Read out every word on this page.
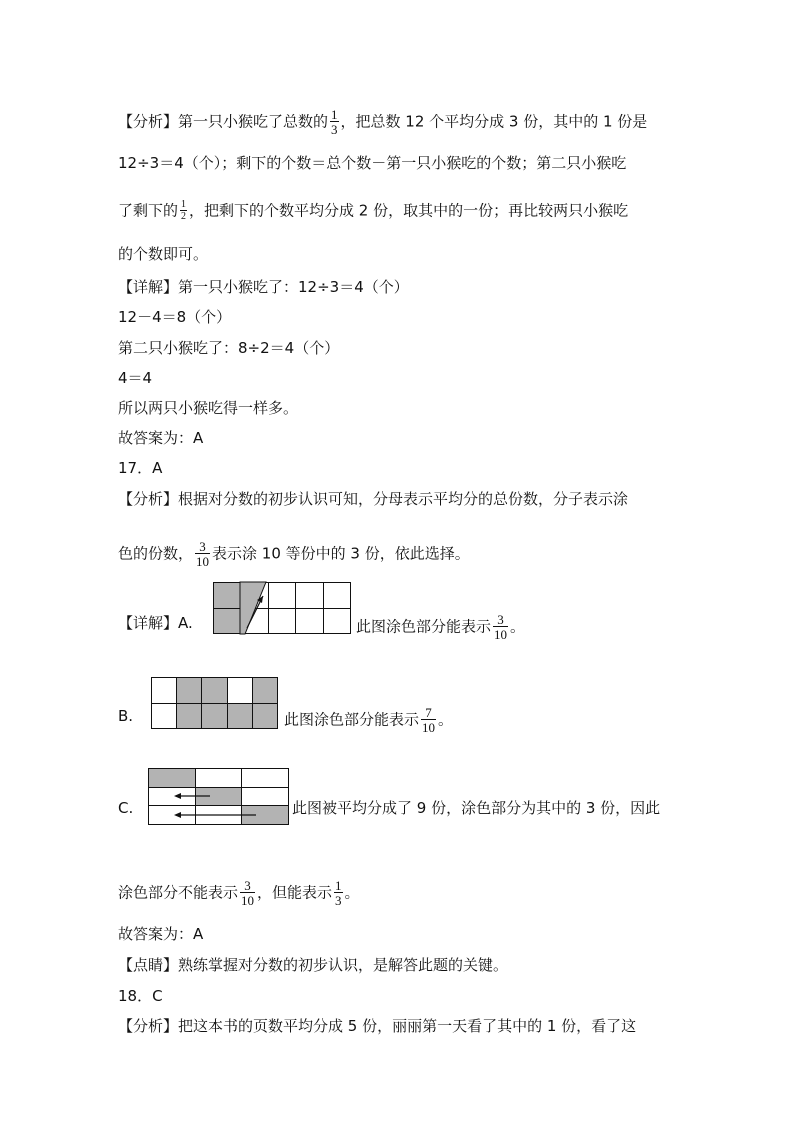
【分析】第一只小猴吃了总数的 $\frac{1}{3}$ ，把总数 12 个平均分成 3 份，其中的 1 份是
12÷3＝4（个）；剩下的个数＝总个数－第一只小猴吃的个数；第二只小猴吃
了剩下的 $\frac{1}{2}$ ，把剩下的个数平均分成 2 份，取其中的一份；再比较两只小猴吃
的个数即可。
【详解】第一只小猴吃了：12÷3＝4（个）
12－4＝8（个）
第二只小猴吃了：8÷2＝4（个）
4＝4
所以两只小猴吃得一样多。
故答案为：A
17．A
【分析】根据对分数的初步认识可知，分母表示平均分的总份数，分子表示涂
色的份数， $\frac{3}{10}$ 表示涂 10 等份中的 3 份，依此选择。
【详解】A.

					此图涂色部分能表示 $\frac{3}{10}$ 。
B.

					此图涂色部分能表示 $\frac{7}{10}$ 。
C.

			此图被平均分成了 9 份，涂色部分为其中的 3 份，因此
涂色部分不能表示 $\frac{3}{10}$ ，但能表示 $\frac{1}{3}$ 。
故答案为：A
【点睛】熟练掌握对分数的初步认识，是解答此题的关键。
18．C
【分析】把这本书的页数平均分成 5 份，丽丽第一天看了其中的 1 份，看了这
